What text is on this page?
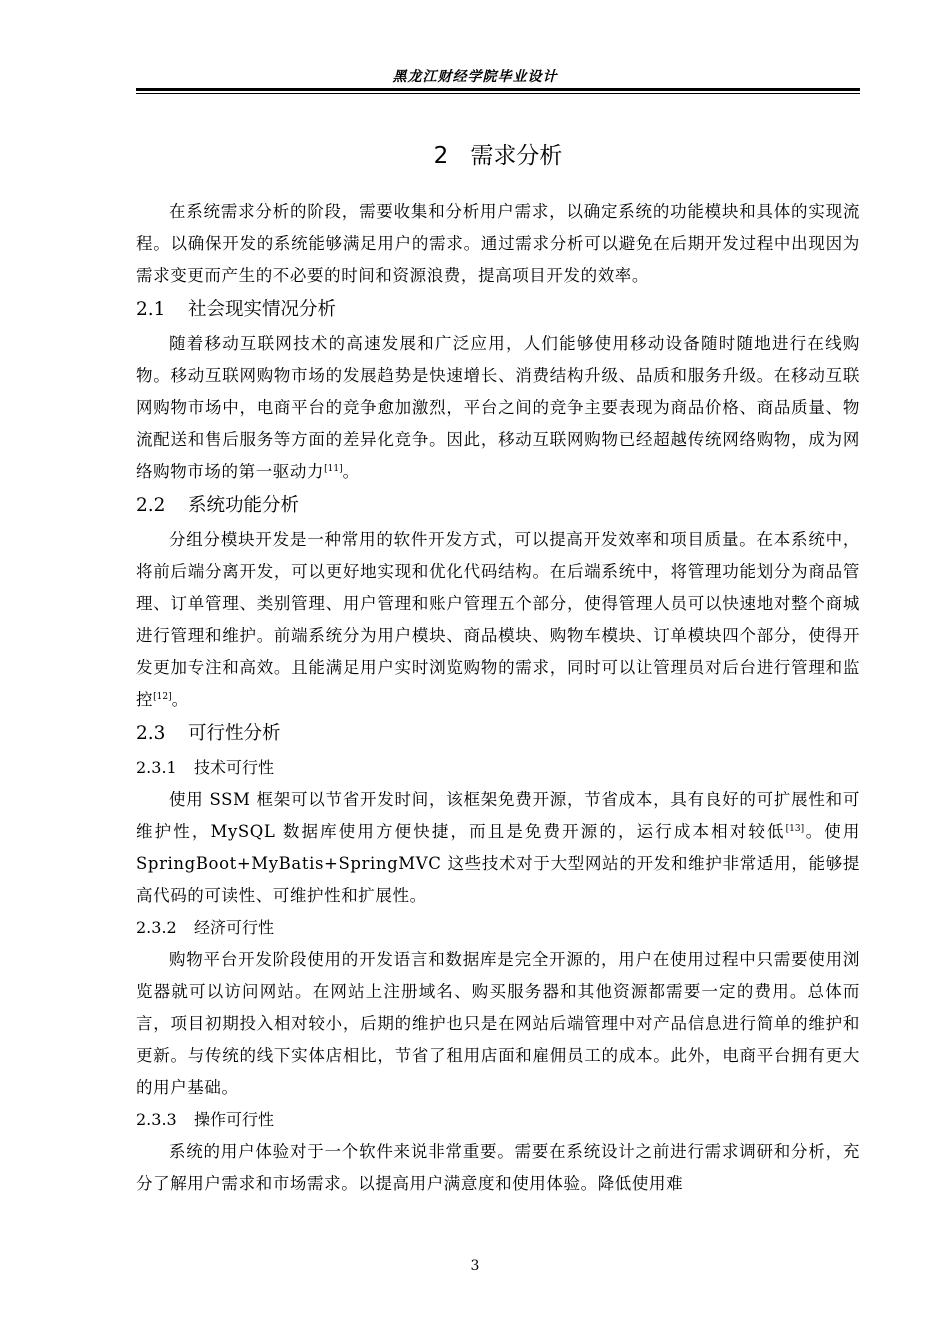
黑龙江财经学院毕业设计
2 需求分析

在系统需求分析的阶段，需要收集和分析用户需求，以确定系统的功能模块和具体的实现流程。以确保开发的系统能够满足用户的需求。通过需求分析可以避免在后期开发过程中出现因为需求变更而产生的不必要的时间和资源浪费，提高项目开发的效率。

2.1 社会现实情况分析

随着移动互联网技术的高速发展和广泛应用，人们能够使用移动设备随时随地进行在线购物。移动互联网购物市场的发展趋势是快速增长、消费结构升级、品质和服务升级。在移动互联网购物市场中，电商平台的竞争愈加激烈，平台之间的竞争主要表现为商品价格、商品质量、物流配送和售后服务等方面的差异化竞争。因此，移动互联网购物已经超越传统网络购物，成为网络购物市场的第一驱动力[11]。

2.2 系统功能分析

分组分模块开发是一种常用的软件开发方式，可以提高开发效率和项目质量。在本系统中，将前后端分离开发，可以更好地实现和优化代码结构。在后端系统中，将管理功能划分为商品管理、订单管理、类别管理、用户管理和账户管理五个部分，使得管理人员可以快速地对整个商城进行管理和维护。前端系统分为用户模块、商品模块、购物车模块、订单模块四个部分，使得开发更加专注和高效。且能满足用户实时浏览购物的需求，同时可以让管理员对后台进行管理和监控[12]。

2.3 可行性分析
2.3.1 技术可行性

使用 SSM 框架可以节省开发时间，该框架免费开源，节省成本，具有良好的可扩展性和可维护性，MySQL 数据库使用方便快捷，而且是免费开源的，运行成本相对较低[13]。使用 SpringBoot+MyBatis+SpringMVC 这些技术对于大型网站的开发和维护非常适用，能够提高代码的可读性、可维护性和扩展性。

2.3.2 经济可行性

购物平台开发阶段使用的开发语言和数据库是完全开源的，用户在使用过程中只需要使用浏览器就可以访问网站。在网站上注册域名、购买服务器和其他资源都需要一定的费用。总体而言，项目初期投入相对较小，后期的维护也只是在网站后端管理中对产品信息进行简单的维护和更新。与传统的线下实体店相比，节省了租用店面和雇佣员工的成本。此外，电商平台拥有更大的用户基础。

2.3.3 操作可行性

系统的用户体验对于一个软件来说非常重要。需要在系统设计之前进行需求调研和分析，充分了解用户需求和市场需求。以提高用户满意度和使用体验。降低使用难

3
